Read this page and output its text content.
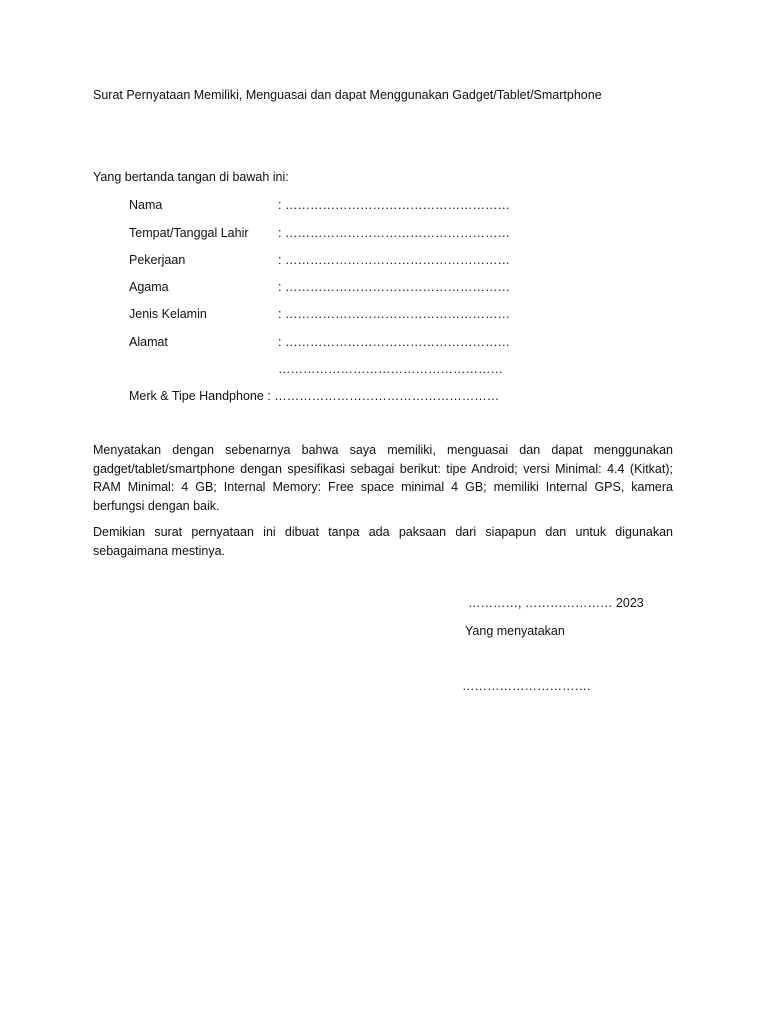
Surat Pernyataan Memiliki, Menguasai dan dapat Menggunakan Gadget/Tablet/Smartphone
Yang bertanda tangan di bawah ini:
Nama	: ………………………………………………
Tempat/Tanggal Lahir : ………………………………………………
Pekerjaan	: ………………………………………………
Agama	: ………………………………………………
Jenis Kelamin	: ………………………………………………
Alamat	: ………………………………………………
………………………………………………
Merk & Tipe Handphone : ………………………………………………
Menyatakan dengan sebenarnya bahwa saya memiliki, menguasai dan dapat menggunakan gadget/tablet/smartphone dengan spesifikasi sebagai berikut: tipe Android; versi Minimal: 4.4 (Kitkat); RAM Minimal: 4 GB; Internal Memory: Free space minimal 4 GB; memiliki Internal GPS, kamera berfungsi dengan baik.
Demikian surat pernyataan ini dibuat tanpa ada paksaan dari siapapun dan untuk digunakan sebagaimana mestinya.
…………, ………………… 2023
Yang menyatakan
………………………….
